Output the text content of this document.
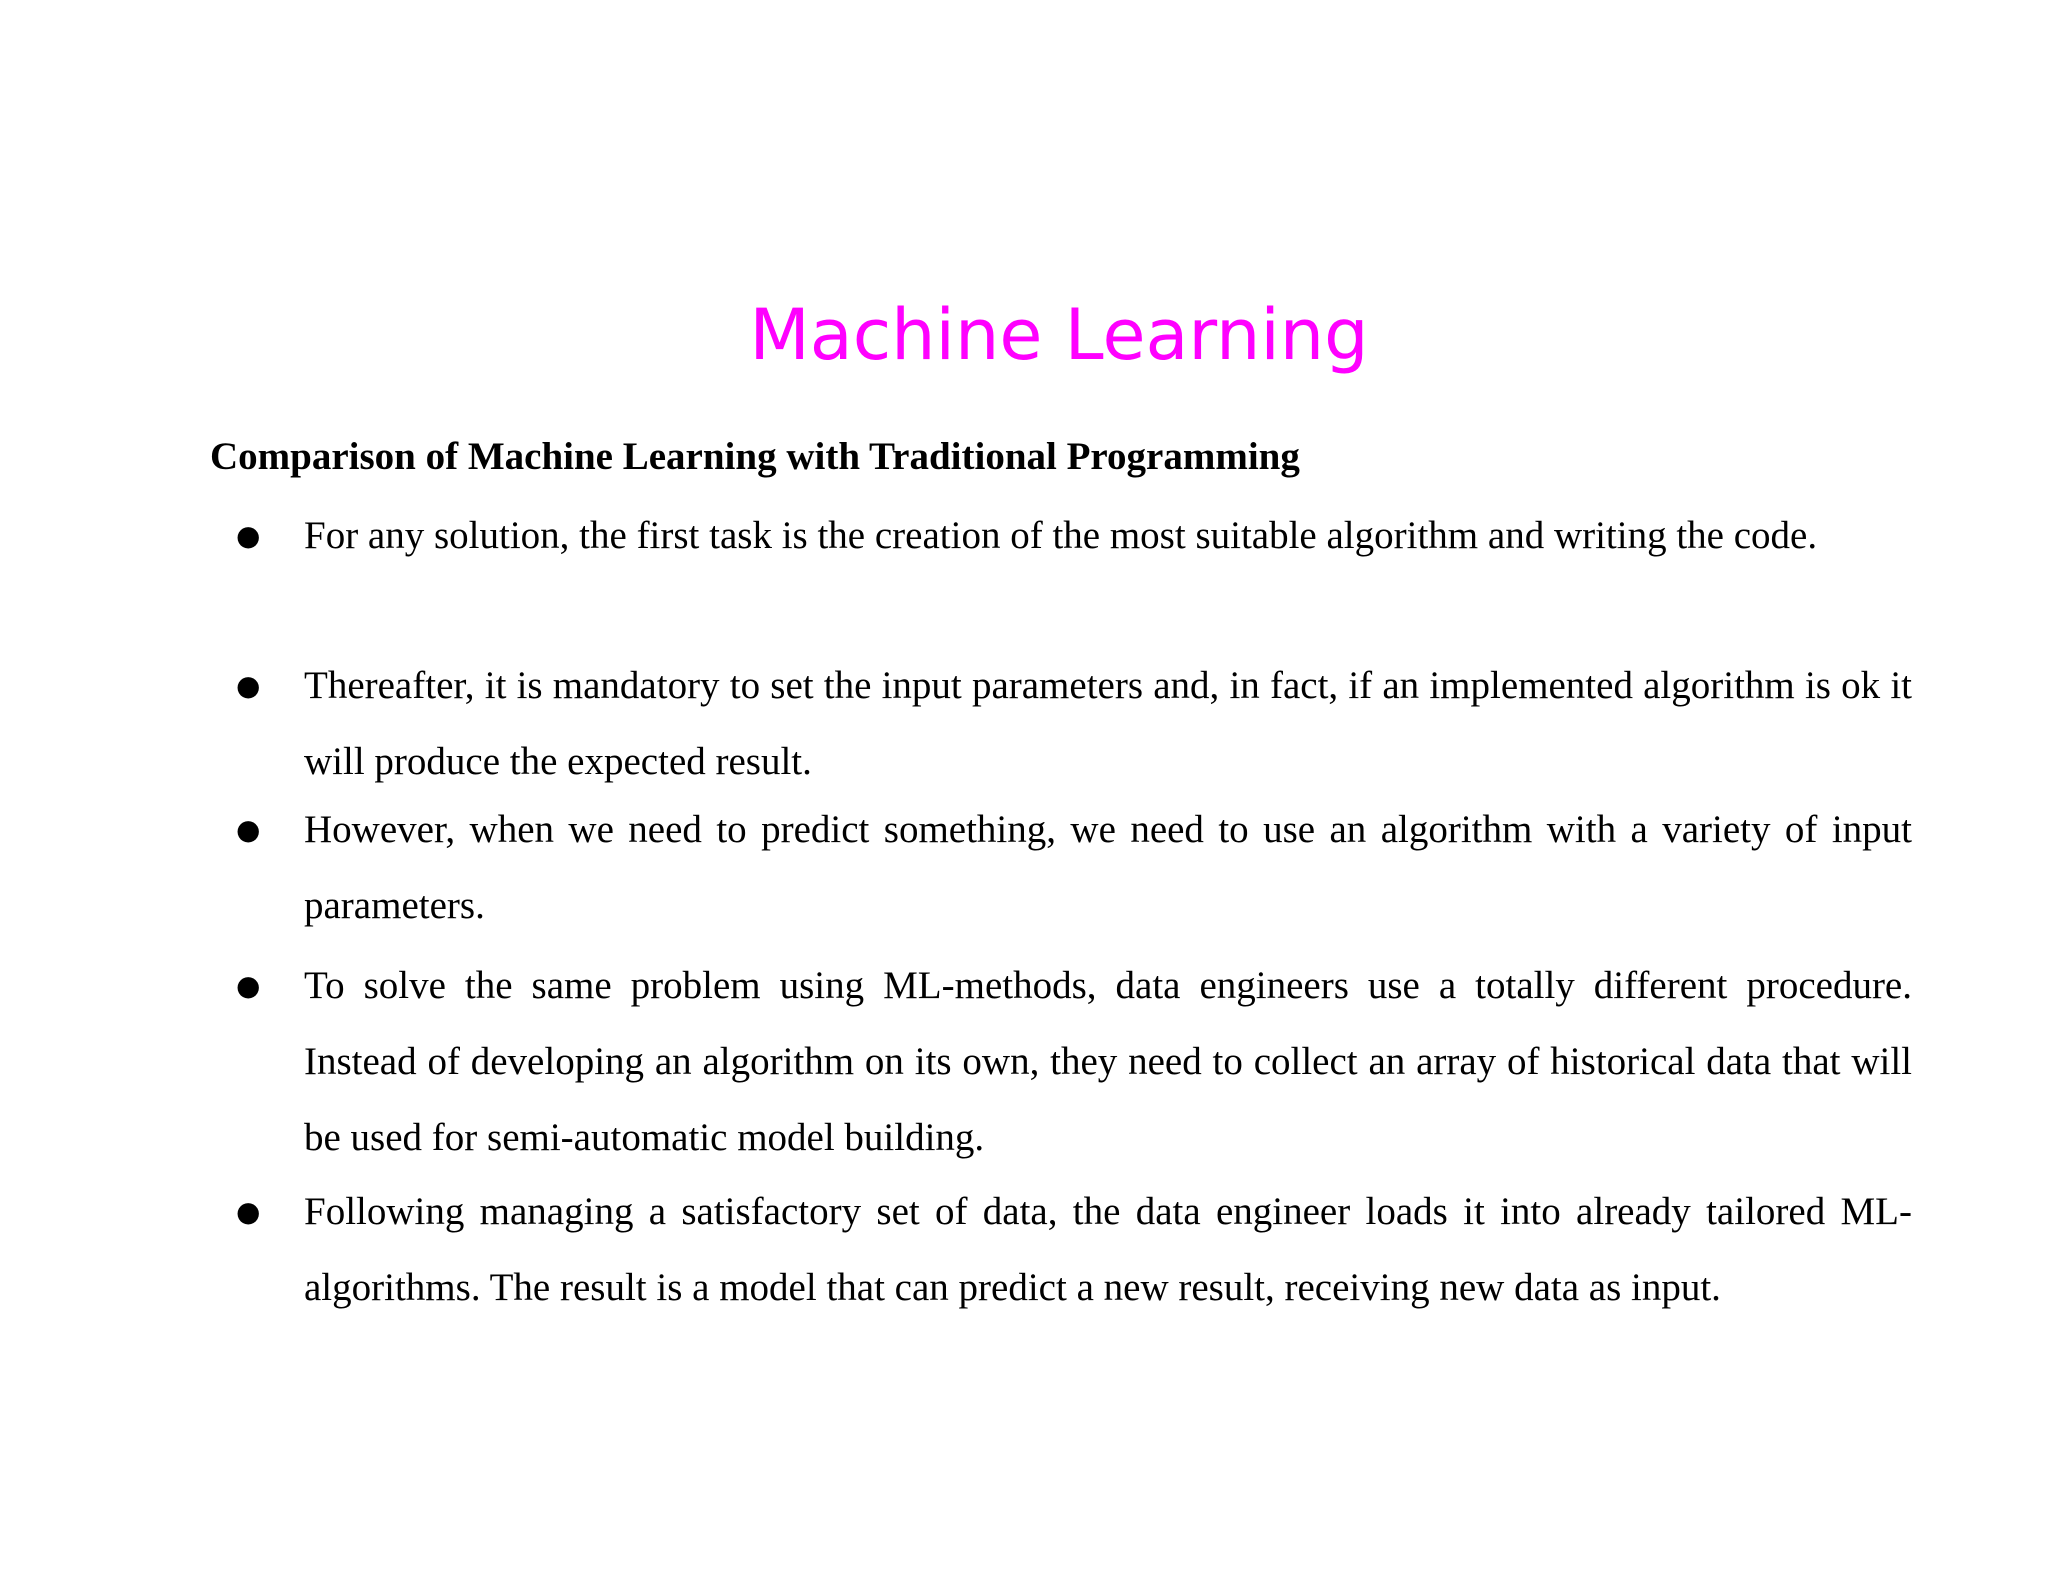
Machine Learning
Comparison of Machine Learning with Traditional Programming
● For any solution, the first task is the creation of the most suitable algorithm and writing the code.
● Thereafter, it is mandatory to set the input parameters and, in fact, if an implemented algorithm is ok it will produce the expected result.
● However, when we need to predict something, we need to use an algorithm with a variety of input parameters.
● To solve the same problem using ML-methods, data engineers use a totally different procedure. Instead of developing an algorithm on its own, they need to collect an array of historical data that will be used for semi-automatic model building.
● Following managing a satisfactory set of data, the data engineer loads it into already tailored ML-algorithms. The result is a model that can predict a new result, receiving new data as input.
